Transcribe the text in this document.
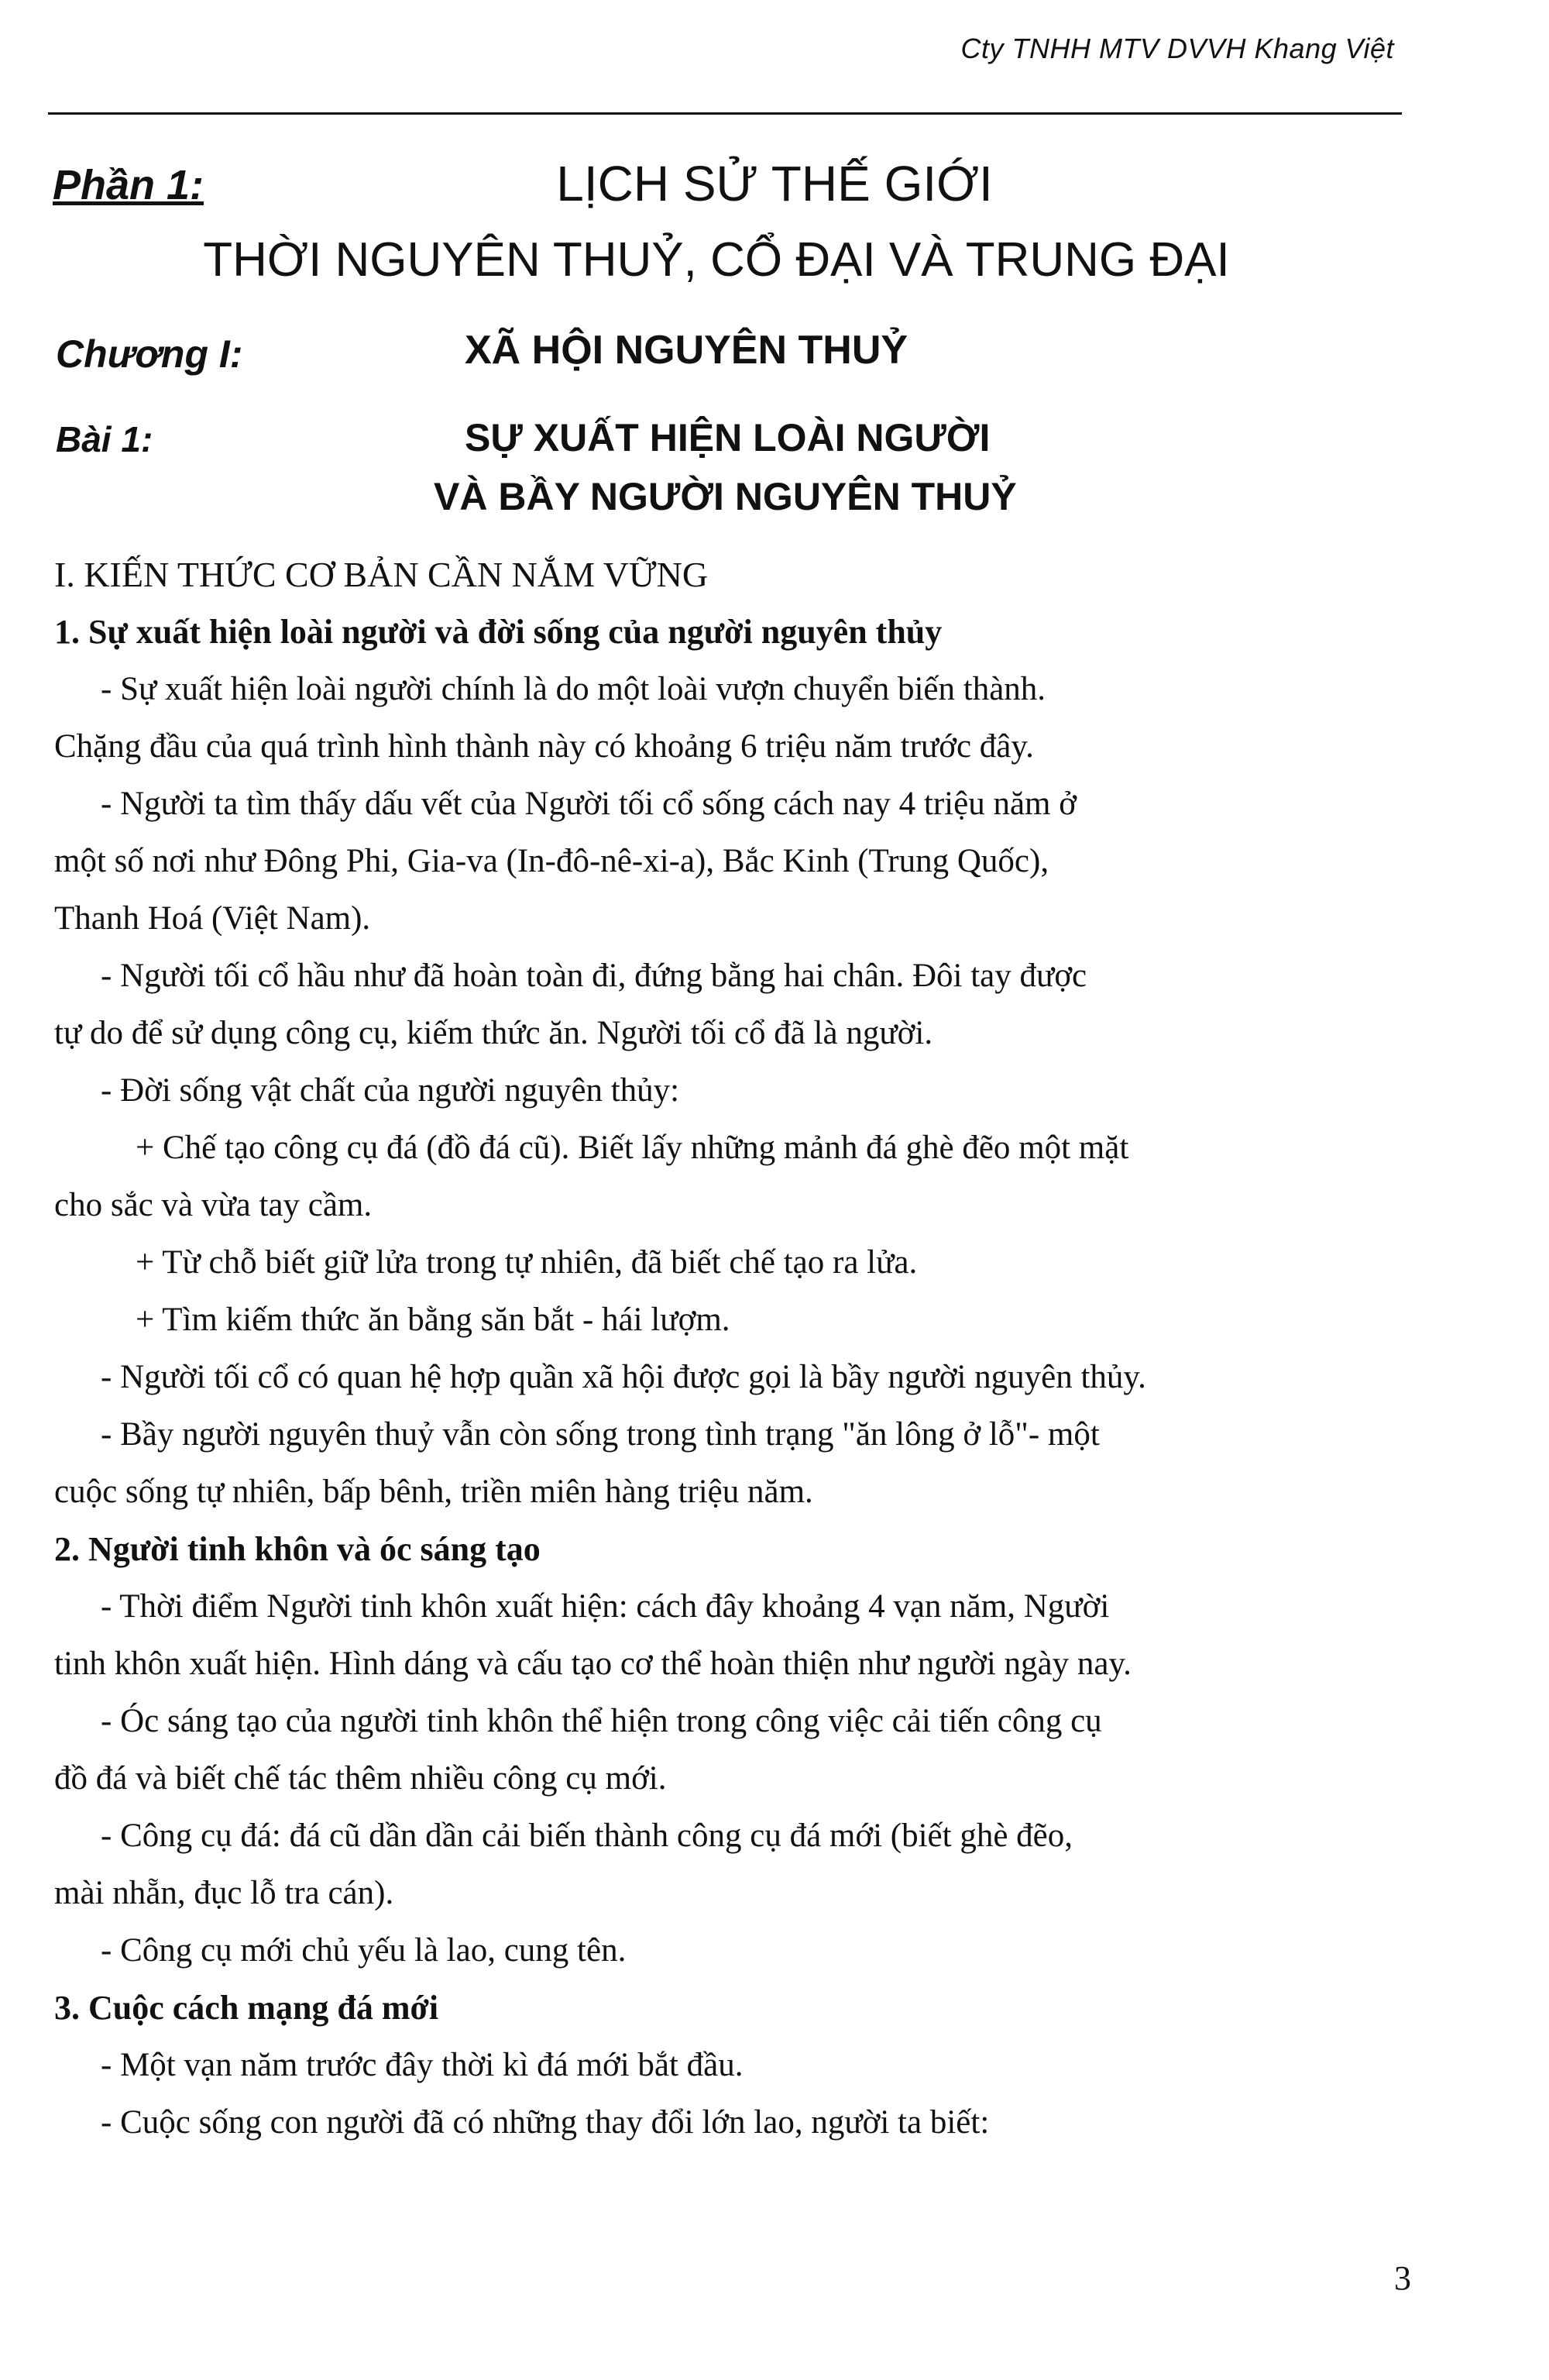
Cty TNHH MTV DVVH Khang Việt
Phần 1:	LỊCH SỬ THẾ GIỚI
THỜI NGUYÊN THUỶ, CỔ ĐẠI VÀ TRUNG ĐẠI
Chương I:	XÃ HỘI NGUYÊN THUỶ
Bài 1:	SỰ XUẤT HIỆN LOÀI NGƯỜI
VÀ BẦY NGƯỜI NGUYÊN THUỶ

I. KIẾN THỨC CƠ BẢN CẦN NẮM VỮNG

1. Sự xuất hiện loài người và đời sống của người nguyên thủy

- Sự xuất hiện loài người chính là do một loài vượn chuyển biến thành.

Chặng đầu của quá trình hình thành này có khoảng 6 triệu năm trước đây.

- Người ta tìm thấy dấu vết của Người tối cổ sống cách nay 4 triệu năm ở

một số nơi như Đông Phi, Gia-va (In-đô-nê-xi-a), Bắc Kinh (Trung Quốc),

Thanh Hoá (Việt Nam).

- Người tối cổ hầu như đã hoàn toàn đi, đứng bằng hai chân. Đôi tay được

tự do để sử dụng công cụ, kiếm thức ăn. Người tối cổ đã là người.

- Đời sống vật chất của người nguyên thủy:

+ Chế tạo công cụ đá (đồ đá cũ). Biết lấy những mảnh đá ghè đẽo một mặt

cho sắc và vừa tay cầm.

+ Từ chỗ biết giữ lửa trong tự nhiên, đã biết chế tạo ra lửa.

+ Tìm kiếm thức ăn bằng săn bắt - hái lượm.

- Người tối cổ có quan hệ hợp quần xã hội được gọi là bầy người nguyên thủy.

- Bầy người nguyên thuỷ vẫn còn sống trong tình trạng "ăn lông ở lỗ"- một

cuộc sống tự nhiên, bấp bênh, triền miên hàng triệu năm.

2. Người tinh khôn và óc sáng tạo

- Thời điểm Người tinh khôn xuất hiện: cách đây khoảng 4 vạn năm, Người

tinh khôn xuất hiện. Hình dáng và cấu tạo cơ thể hoàn thiện như người ngày nay.

- Óc sáng tạo của người tinh khôn thể hiện trong công việc cải tiến công cụ

đồ đá và biết chế tác thêm nhiều công cụ mới.

- Công cụ đá: đá cũ dần dần cải biến thành công cụ đá mới (biết ghè đẽo,

mài nhẵn, đục lỗ tra cán).

- Công cụ mới chủ yếu là lao, cung tên.

3. Cuộc cách mạng đá mới

- Một vạn năm trước đây thời kì đá mới bắt đầu.

- Cuộc sống con người đã có những thay đổi lớn lao, người ta biết:

3
